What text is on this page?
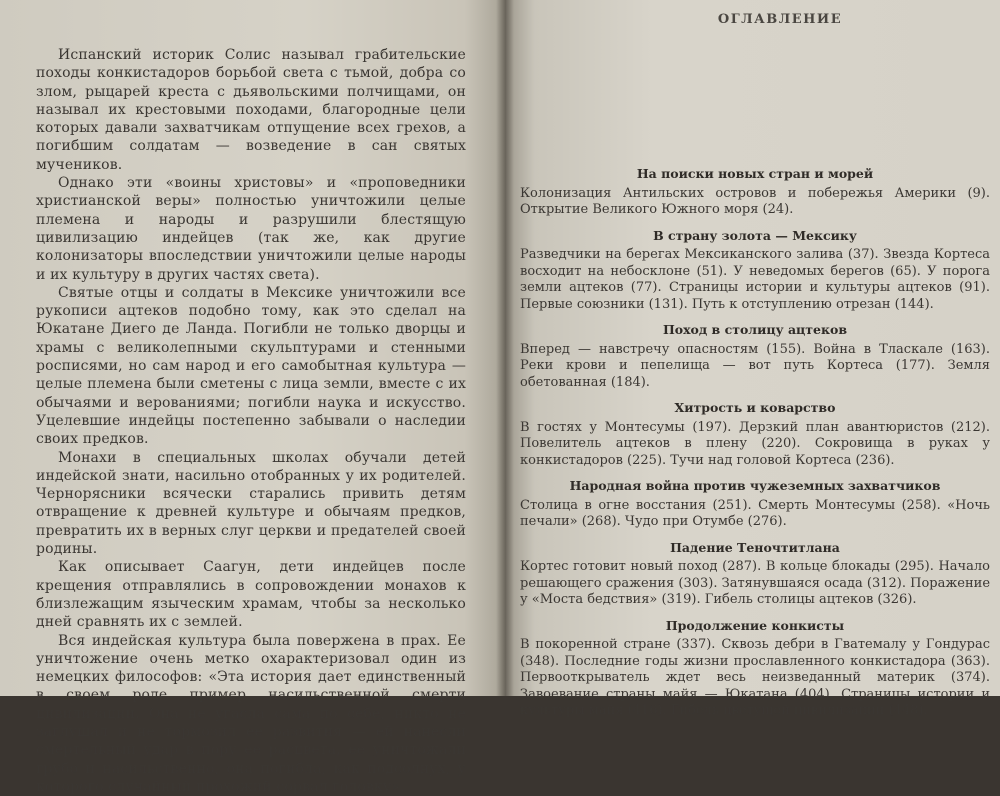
Испанский историк Солис называл грабительские походы конкистадоров борьбой света с тьмой, добра со злом, рыцарей креста с дьявольскими полчищами, он называл их крестовыми походами, благородные цели которых давали захватчикам отпущение всех грехов, а погибшим солдатам — возведение в сан святых мучеников.

Однако эти «воины христовы» и «проповедники христианской веры» полностью уничтожили целые племена и народы и разрушили блестящую цивилизацию индейцев (так же, как другие колонизаторы впоследствии уничтожили целые народы и их культуру в других частях света).

Святые отцы и солдаты в Мексике уничтожили все рукописи ацтеков подобно тому, как это сделал на Юкатане Диего де Ланда. Погибли не только дворцы и храмы с великолепными скульптурами и стенными росписями, но сам народ и его самобытная культура — целые племена были сметены с лица земли, вместе с их обычаями и верованиями; погибли наука и искусство. Уцелевшие индейцы постепенно забывали о наследии своих предков.

Монахи в специальных школах обучали детей индейской знати, насильно отобранных у их родителей. Чернорясники всячески старались привить детям отвращение к древней культуре и обычаям предков, превратить их в верных слуг церкви и предателей своей родины.

Как описывает Саагун, дети индейцев после крещения отправлялись в сопровождении монахов к близлежащим языческим храмам, чтобы за несколько дней сравнять их с землей.

Вся индейская культура была повержена в прах. Ее уничтожение очень метко охарактеризовал один из немецких философов: «Эта история дает единственный в своем роде пример насильственной смерти цивилизации. Она не угасла сама по себе, никто не заглушал и не тормозил ее развития — ей нанесли смертельный удар в пору ее расцвета, ее уничтожали грубо и насильственно, она погибла, как подсолнух, у которого случайный прохожий сорвал головку».

ОГЛАВЛЕНИЕ
На поиски новых стран и морей

Колонизация Антильских островов и побережья Америки (9). Открытие Великого Южного моря (24).

В страну золота — Мексику

Разведчики на берегах Мексиканского залива (37). Звезда Кортеса восходит на небосклоне (51). У неведомых берегов (65). У порога земли ацтеков (77). Страницы истории и культуры ацтеков (91). Первые союзники (131). Путь к отступлению отрезан (144).

Поход в столицу ацтеков

Вперед — навстречу опасностям (155). Война в Тласкале (163). Реки крови и пепелища — вот путь Кортеса (177). Земля обетованная (184).

Хитрость и коварство

В гостях у Монтесумы (197). Дерзкий план авантюристов (212). Повелитель ацтеков в плену (220). Сокровища в руках у конкистадоров (225). Тучи над головой Кортеса (236).

Народная война против чужеземных захватчиков

Столица в огне восстания (251). Смерть Монтесумы (258). «Ночь печали» (268). Чудо при Отумбе (276).

Падение Теночтитлана

Кортес готовит новый поход (287). В кольце блокады (295). Начало решающего сражения (303). Затянувшаяся осада (312). Поражение у «Моста бедствия» (319). Гибель столицы ацтеков (326).

Продолжение конкисты

В покоренной стране (337). Сквозь дебри в Гватемалу у Гондурас (348). Последние годы жизни прославленного конкистадора (363). Первооткрыватель ждет весь неизведанный материк (374). Завоевание страны майя — Юкатана (404). Страницы истории и культуры майя (416). Гибель цветущей цивилизации (448).
